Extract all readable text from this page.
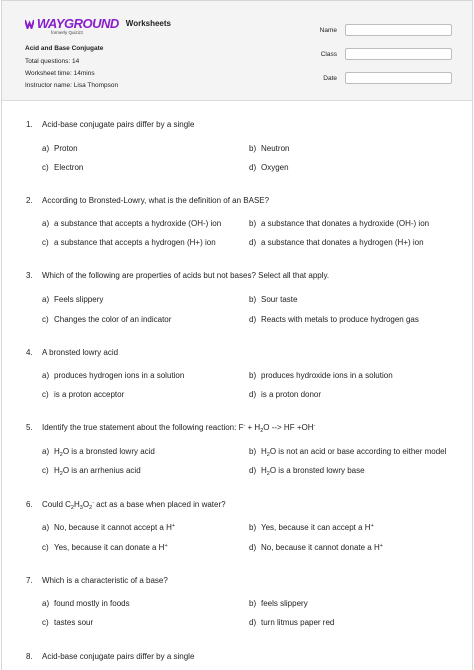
WAYGROUND Worksheets
formerly Quizizz
Acid and Base Conjugate
Total questions: 14
Worksheet time: 14mins
Instructor name: Lisa Thompson
Name
Class
Date
1. Acid-base conjugate pairs differ by a single
a) Proton	b) Neutron
c) Electron	d) Oxygen
2. According to Bronsted-Lowry, what is the definition of an BASE?
a) a substance that accepts a hydroxide (OH-) ion	b) a substance that donates a hydroxide (OH-) ion
c) a substance that accepts a hydrogen (H+) ion	d) a substance that donates a hydrogen (H+) ion
3. Which of the following are properties of acids but not bases? Select all that apply.
a) Feels slippery	b) Sour taste
c) Changes the color of an indicator	d) Reacts with metals to produce hydrogen gas
4. A bronsted lowry acid
a) produces hydrogen ions in a solution	b) produces hydroxide ions in a solution
c) is a proton acceptor	d) is a proton donor
5. Identify the true statement about the following reaction: $F^- + H_2O$ --> HF +OH-
a) $H_2O$ is a bronsted lowry acid	b) $H_2O$ is not an acid or base according to either model
c) $H_2O$ is an arrhenius acid	d) $H_2O$ is a bronsted lowry base
6. Could $C_2H_3O_2^-$ act as a base when placed in water?
a) No, because it cannot accept a H+	b) Yes, because it can accept a H+
c) Yes, because it can donate a H+	d) No, because it cannot donate a H+
7. Which is a characteristic of a base?
a) found mostly in foods	b) feels slippery
c) tastes sour	d) turn litmus paper red
8. Acid-base conjugate pairs differ by a single
